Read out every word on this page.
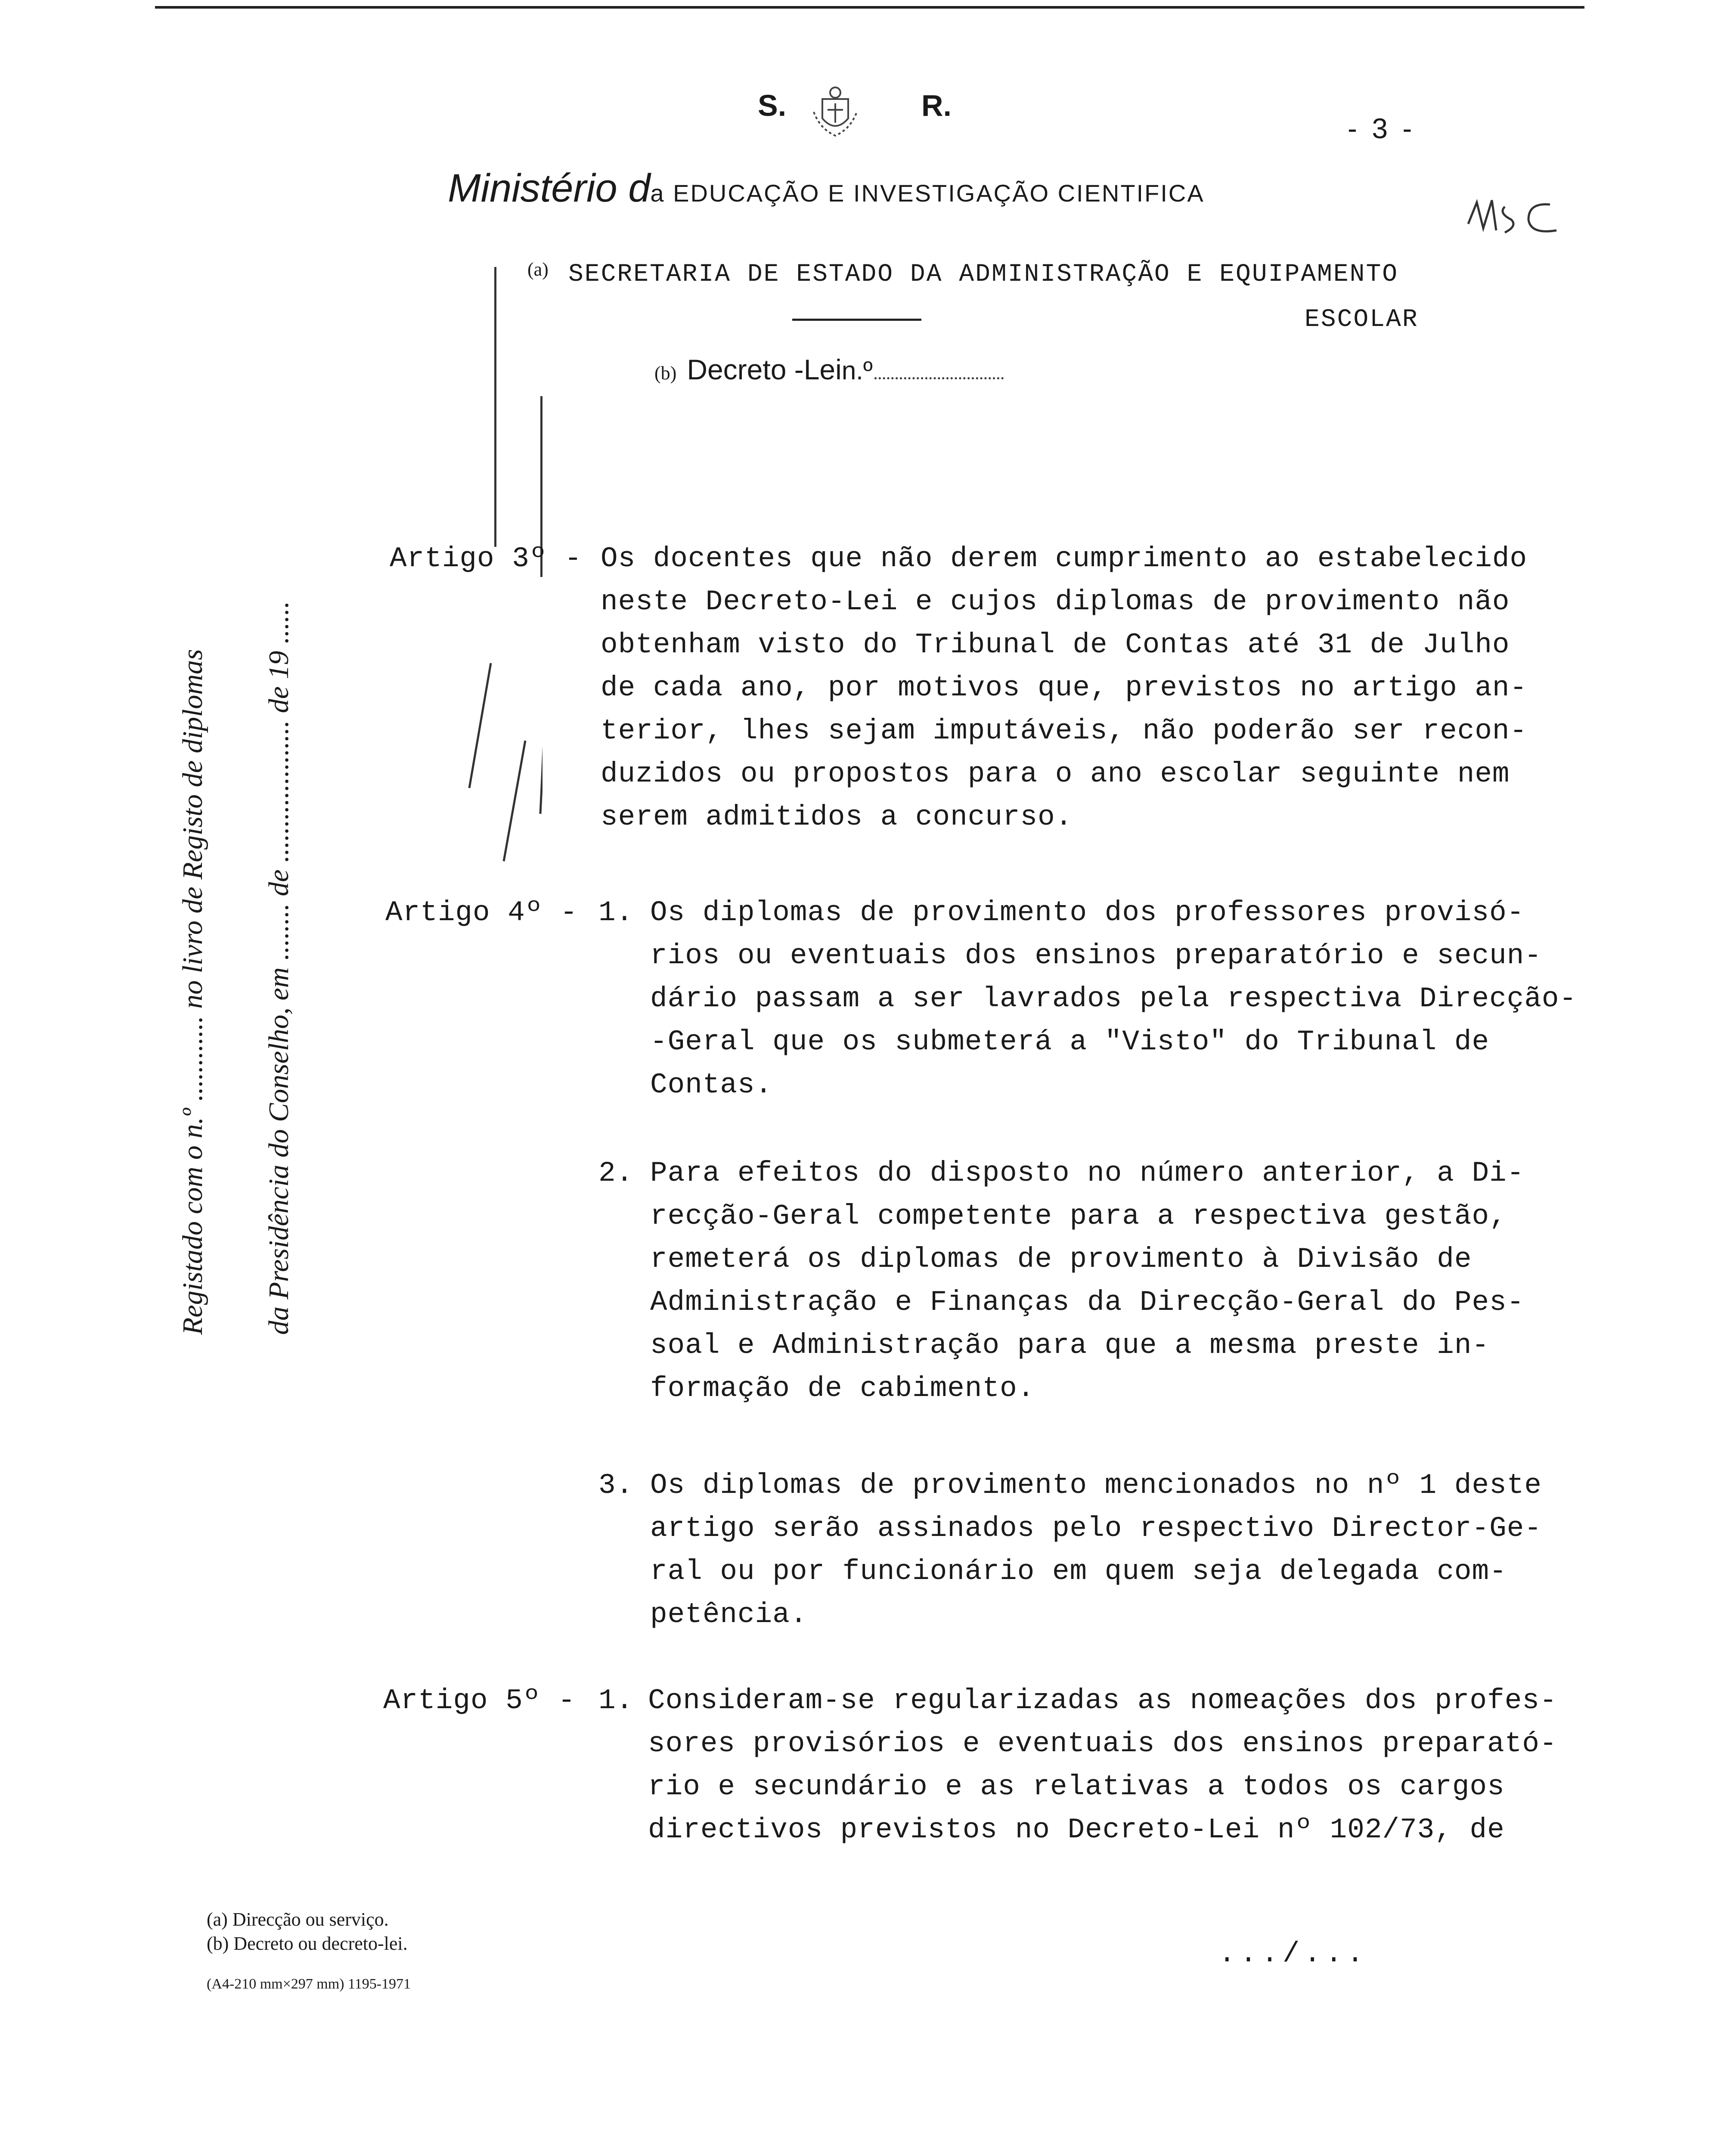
S.	R.
- 3 -
Ministério da EDUCAÇÃO E INVESTIGAÇÃO CIENTIFICA
(a) SECRETARIA DE ESTADO DA ADMINISTRAÇÃO E EQUIPAMENTO
ESCOLAR
(b) Decreto -Lein.º
Registado com o n.º ............ no livro de Registo de diplomas da Presidência do Conselho, em ........ de .................... de 19 ......
Artigo 3º - Os docentes que não derem cumprimento ao estabelecido
neste Decreto-Lei e cujos diplomas de provimento não
obtenham visto do Tribunal de Contas até 31 de Julho
de cada ano, por motivos que, previstos no artigo an-
terior, lhes sejam imputáveis, não poderão ser recon-
duzidos ou propostos para o ano escolar seguinte nem
serem admitidos a concurso.
Artigo 4º - 1. Os diplomas de provimento dos professores provisó-
rios ou eventuais dos ensinos preparatório e secun-
dário passam a ser lavrados pela respectiva Direcção-
-Geral que os submeterá a "Visto" do Tribunal de
Contas.
2. Para efeitos do disposto no número anterior, a Di-
recção-Geral competente para a respectiva gestão,
remeterá os diplomas de provimento à Divisão de
Administração e Finanças da Direcção-Geral do Pes-
soal e Administração para que a mesma preste in-
formação de cabimento.
3. Os diplomas de provimento mencionados no nº 1 deste
artigo serão assinados pelo respectivo Director-Ge-
ral ou por funcionário em quem seja delegada com-
petência.
Artigo 5º - 1. Consideram-se regularizadas as nomeações dos profes-
sores provisórios e eventuais dos ensinos preparató-
rio e secundário e as relativas a todos os cargos
directivos previstos no Decreto-Lei nº 102/73, de
(a) Direcção ou serviço.
(b) Decreto ou decreto-lei.
(A4-210 mm×297 mm) 1195-1971
.../...
